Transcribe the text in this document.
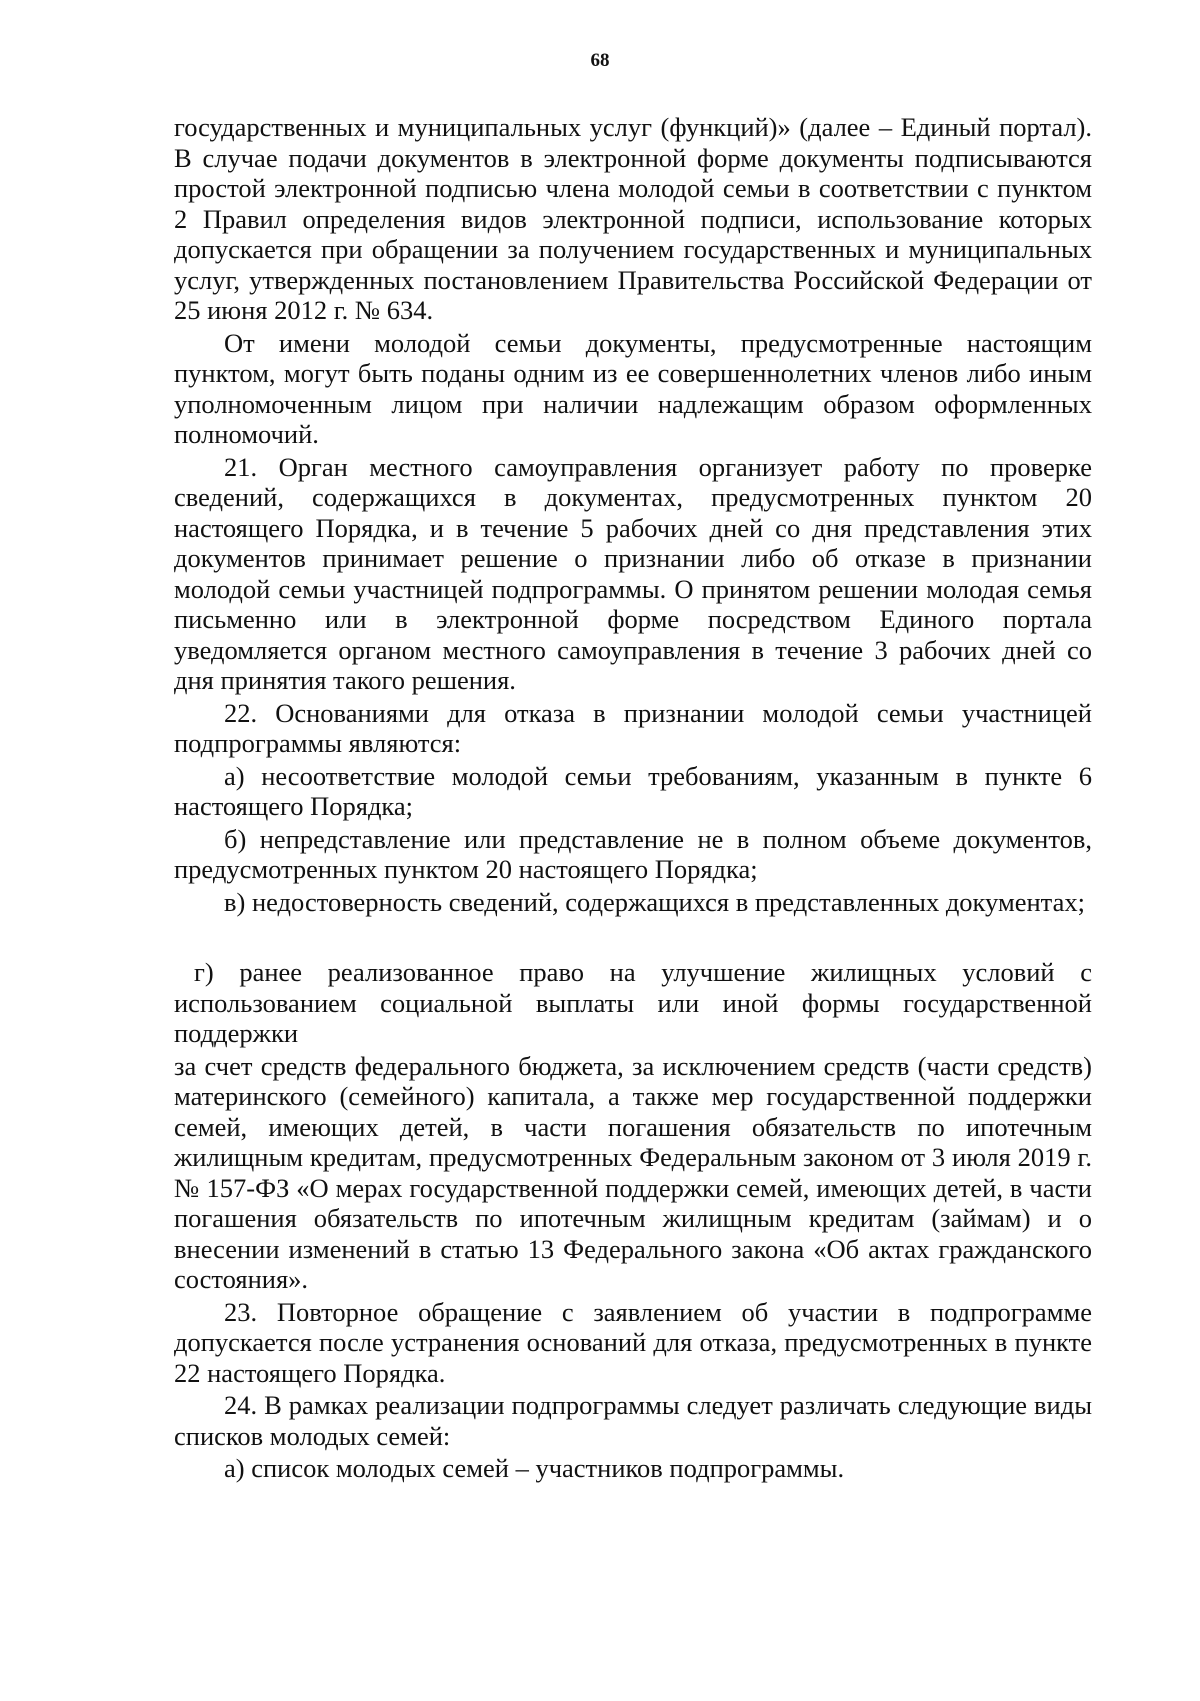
68

государственных и муниципальных услуг (функций)» (далее – Единый портал). В случае подачи документов в электронной форме документы подписываются простой электронной подписью члена молодой семьи в соответствии с пунктом 2 Правил определения видов электронной подписи, использование которых допускается при обращении за получением государственных и муниципальных услуг, утвержденных постановлением Правительства Российской Федерации от 25 июня 2012 г. № 634.

От имени молодой семьи документы, предусмотренные настоящим пунктом, могут быть поданы одним из ее совершеннолетних членов либо иным уполномоченным лицом при наличии надлежащим образом оформленных полномочий.

21. Орган местного самоуправления организует работу по проверке сведений, содержащихся в документах, предусмотренных пунктом 20 настоящего Порядка, и в течение 5 рабочих дней со дня представления этих документов принимает решение о признании либо об отказе в признании молодой семьи участницей подпрограммы. О принятом решении молодая семья письменно или в электронной форме посредством Единого портала уведомляется органом местного самоуправления в течение 3 рабочих дней со дня принятия такого решения.

22. Основаниями для отказа в признании молодой семьи участницей подпрограммы являются:

а) несоответствие молодой семьи требованиям, указанным в пункте 6 настоящего Порядка;

б) непредставление или представление не в полном объеме документов, предусмотренных пунктом 20 настоящего Порядка;

в) недостоверность сведений, содержащихся в представленных документах;

г) ранее реализованное право на улучшение жилищных условий с использованием социальной выплаты или иной формы государственной поддержки

за счет средств федерального бюджета, за исключением средств (части средств) материнского (семейного) капитала, а также мер государственной поддержки семей, имеющих детей, в части погашения обязательств по ипотечным жилищным кредитам, предусмотренных Федеральным законом от 3 июля 2019 г. № 157-ФЗ «О мерах государственной поддержки семей, имеющих детей, в части погашения обязательств по ипотечным жилищным кредитам (займам) и о внесении изменений в статью 13 Федерального закона «Об актах гражданского состояния».

23. Повторное обращение с заявлением об участии в подпрограмме допускается после устранения оснований для отказа, предусмотренных в пункте 22 настоящего Порядка.

24. В рамках реализации подпрограммы следует различать следующие виды списков молодых семей:

а) список молодых семей – участников подпрограммы.
